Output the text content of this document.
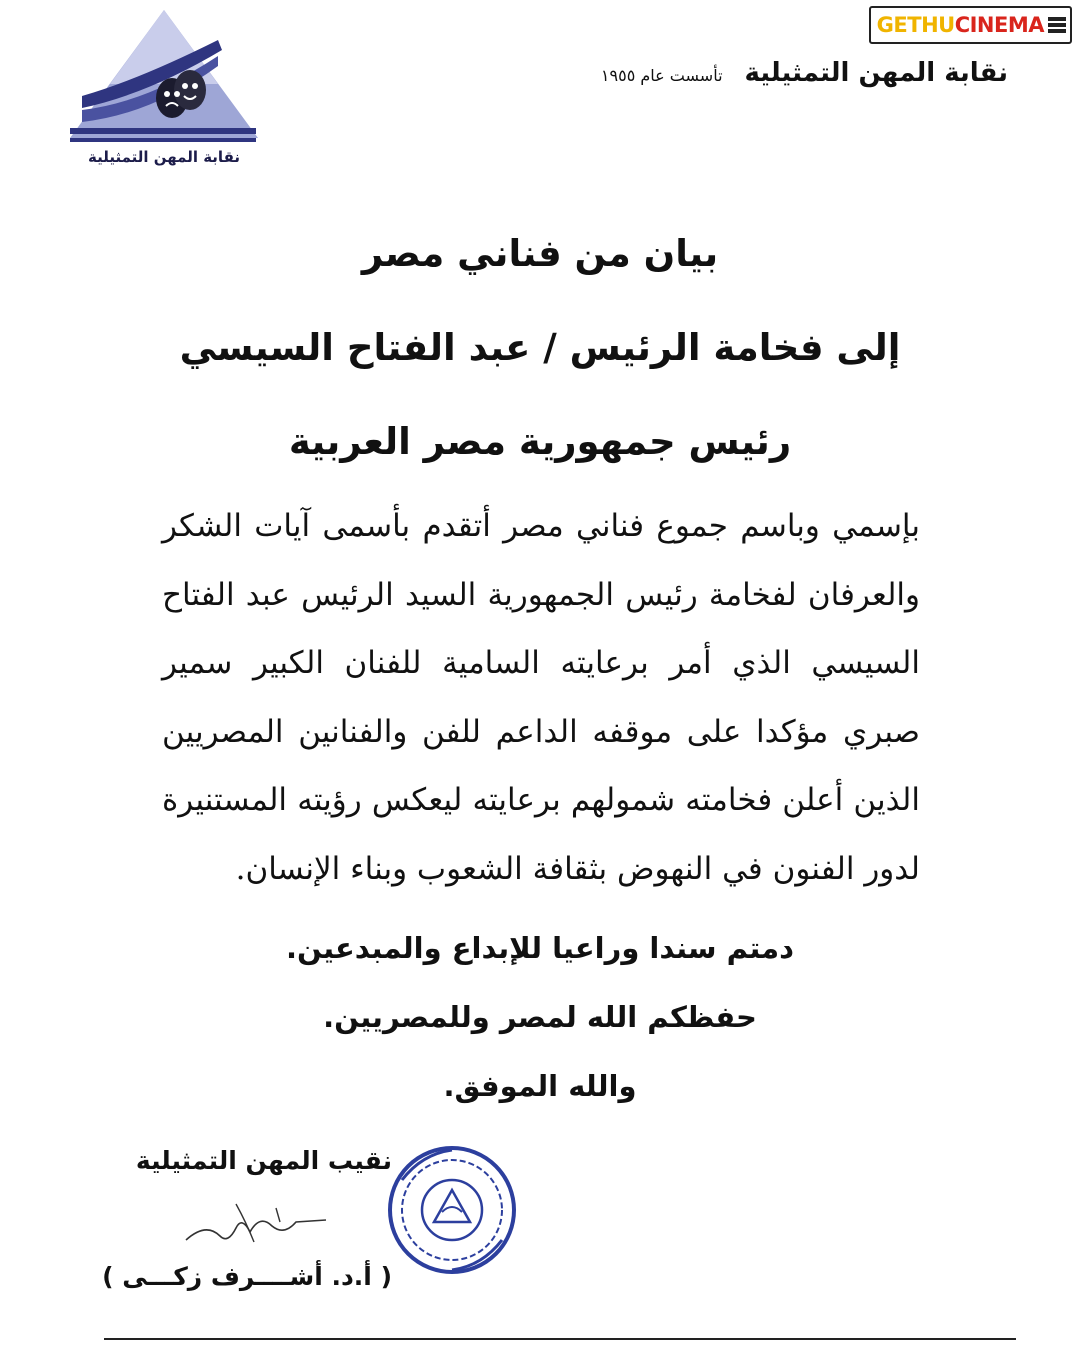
GETHUCINEMA
نقابة المهن التمثيلية
تأسست عام ١٩٥٥
نقابة المهن التمثيلية

بيان من فناني مصر

إلى فخامة الرئيس / عبد الفتاح السيسي

رئيس جمهورية مصر العربية

بإسمي وباسم جموع فناني مصر أتقدم بأسمى آيات الشكر والعرفان لفخامة رئيس الجمهورية السيد الرئيس عبد الفتاح السيسي الذي أمر برعايته السامية للفنان الكبير سمير صبري مؤكدا على موقفه الداعم للفن والفنانين المصريين الذين أعلن فخامته شمولهم برعايته ليعكس رؤيته المستنيرة لدور الفنون في النهوض بثقافة الشعوب وبناء الإنسان.

دمتم سندا وراعيا للإبداع والمبدعين.

حفظكم الله لمصر وللمصريين.

والله الموفق.

نقيب المهن التمثيلية
( أ.د. أشــــرف زكـــى )
